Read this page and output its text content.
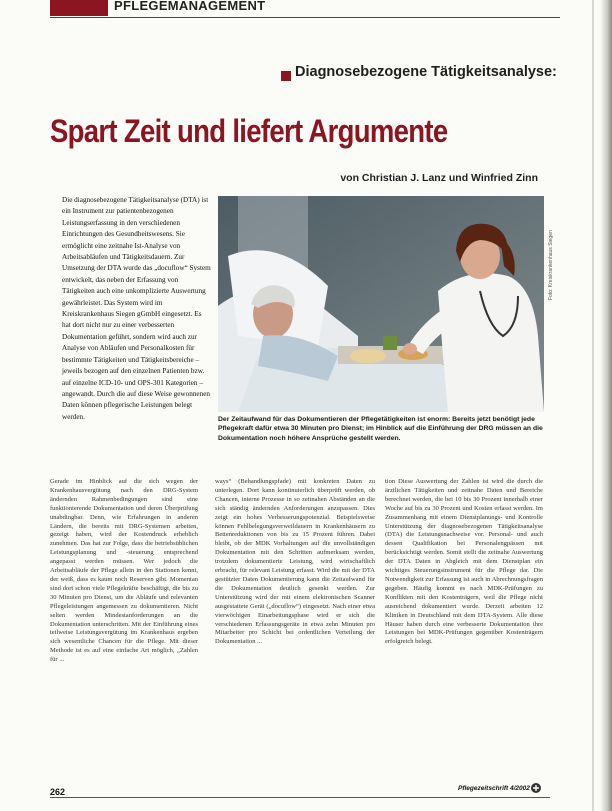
PFLEGEMANAGEMENT
Diagnosebezogene Tätigkeitsanalyse:
Spart Zeit und liefert Argumente
von Christian J. Lanz und Winfried Zinn
Die diagnosebezogene Tätigkeitsanalyse (DTA) ist ein Instrument zur patientenbezogenen Leistungserfassung in den verschiedenen Einrichtungen des Gesundheitswesens. Sie ermöglicht eine zeitnahe Ist-Analyse von Arbeitsabläufen und Tätigkeitsdauern. Zur Umsetzung der DTA wurde das „docuflow“ System entwickelt, das neben der Erfassung von Tätigkeiten auch eine unkomplizierte Auswertung gewährleistet. Das System wird im Kreiskrankenhaus Siegen gGmbH eingesetzt. Es hat dort nicht nur zu einer verbesserten Dokumentation geführt, sondern wird auch zur Analyse von Abläufen und Personalkosten für bestimmte Tätigkeiten und Tätigkeitsbereiche – jeweils bezogen auf den einzelnen Patienten bzw. auf einzelne ICD-10- und OPS-301 Kategorien – angewandt. Durch die auf diese Weise gewonnenen Daten können pflegerische Leistungen belegt werden.
Foto: Kreiskrankenhaus Siegen
Der Zeitaufwand für das Dokumentieren der Pflegetätigkeiten ist enorm: Bereits jetzt benötigt jede Pflegekraft dafür etwa 30 Minuten pro Dienst; im Hinblick auf die Einführung der DRG müssen an die Dokumentation noch höhere Ansprüche gestellt werden.
Gerade im Hinblick auf die sich wegen der Krankenhausvergütung nach den DRG-System ändernden Rahmenbedingungen sind eine funktionierende Dokumentation und deren Überprüfung unabdingbar. Denn, wie Erfahrungen in anderen Ländern, die bereits mit DRG-Systemen arbeiten, gezeigt haben, wird der Kostendruck erheblich zunehmen. Das hat zur Folge, dass die betriebsüblichen Leistungsplanung und -steuerung entsprechend angepasst werden müssen. Wer jedoch die Arbeitsabläufe der Pflege allein in den Stationen kennt, der weiß, dass es kaum noch Reserven gibt. Momentan sind dort schon viele Pflegekräfte beschäftigt, die bis zu 30 Minuten pro Dienst, um die Abläufe und relevanten Pflegeleistungen angemessen zu dokumentieren. Nicht selten werden Mindestanforderungen an die Dokumentation unterschritten. Mit der Einführung eines teilweise Leistungsvergütung im Krankenhaus ergeben sich wesentliche Chancen für die Pflege. Mit dieser Methode ist es auf eine einfache Art möglich, „Zahlen für ...
ways“ (Behandlungspfade) mit konkreten Daten zu unterlegen. Dort kann kontinuierlich überprüft werden, ob Chancen, interne Prozesse in so zeitnahen Abständen an die sich ständig ändernden Anforderungen anzupassen. Dies zeigt ein hohes Verbesserungspotenzial. Beispielsweise können Fehlbelegungsverweildauern in Krankenhäusern zu Bettenreduktionen von bis zu 15 Prozent führen. Dabei bleibt, ob der MDK Vorhaltungen auf die unvollständigen Dokumentation mit den Schritten aufmerksam werden, trotzdem dokumentierte Leistung, wird wirtschaftlich erbracht, für relevant Leistung erfasst. Wird die mit der DTA gestützter Daten Dokumentierung kann die Zeitaufwand für die Dokumentation deutlich gesenkt werden. Zur Unterstützung wird der mit einem elektronischen Scanner ausgestattete Gerät („docuflow“) eingesetzt. Nach einer etwa vierwöchigen Einarbeitungsphase wird er sich die verschiedenen Erfassungsgeräte in etwa zehn Minuten pro Mitarbeiter pro Schicht bei ordentlichen Verteilung der Dokumentation ...
tion Diese Auswertung der Zahlen ist wird die durch die ärztlichen Tätigkeiten und zeitnahe Daten und Bereiche berechnet werden, die bei 10 bis 30 Prozent innerhalb einer Woche auf bis zu 30 Prozent und Kosten erfasst werden. Im Zusammenhang mit einem Dienstplanungs- und Kontrolle Unterstützung der diagnosebezogenen Tätigkeitsanalyse (DTA) die Leistungsnachweise vor. Personal- und auch dessen Qualifikation bei Personalengpässen mit berücksichtigt werden. Somit stellt die zeitnahe Auswertung der DTA Daten in Abgleich mit dem Dienstplan ein wichtiges Steuerungsinstrument für die Pflege dar. Die Notwendigkeit zur Erfassung ist auch in Abrechnungsfragen gegeben. Häufig kommt es nach MDK-Prüfungen zu Konflikten mit den Kostenträgern, weil die Pflege nicht ausreichend dokumentiert wurde. Derzeit arbeiten 12 Kliniken in Deutschland mit dem DTA-System. Alle diese Häuser haben durch eine verbesserte Dokumentation ihre Leistungen bei MDK-Prüfungen gegenüber Kostenträgern erfolgreich belegt.
262	Pflegezeitschrift 4/2002
